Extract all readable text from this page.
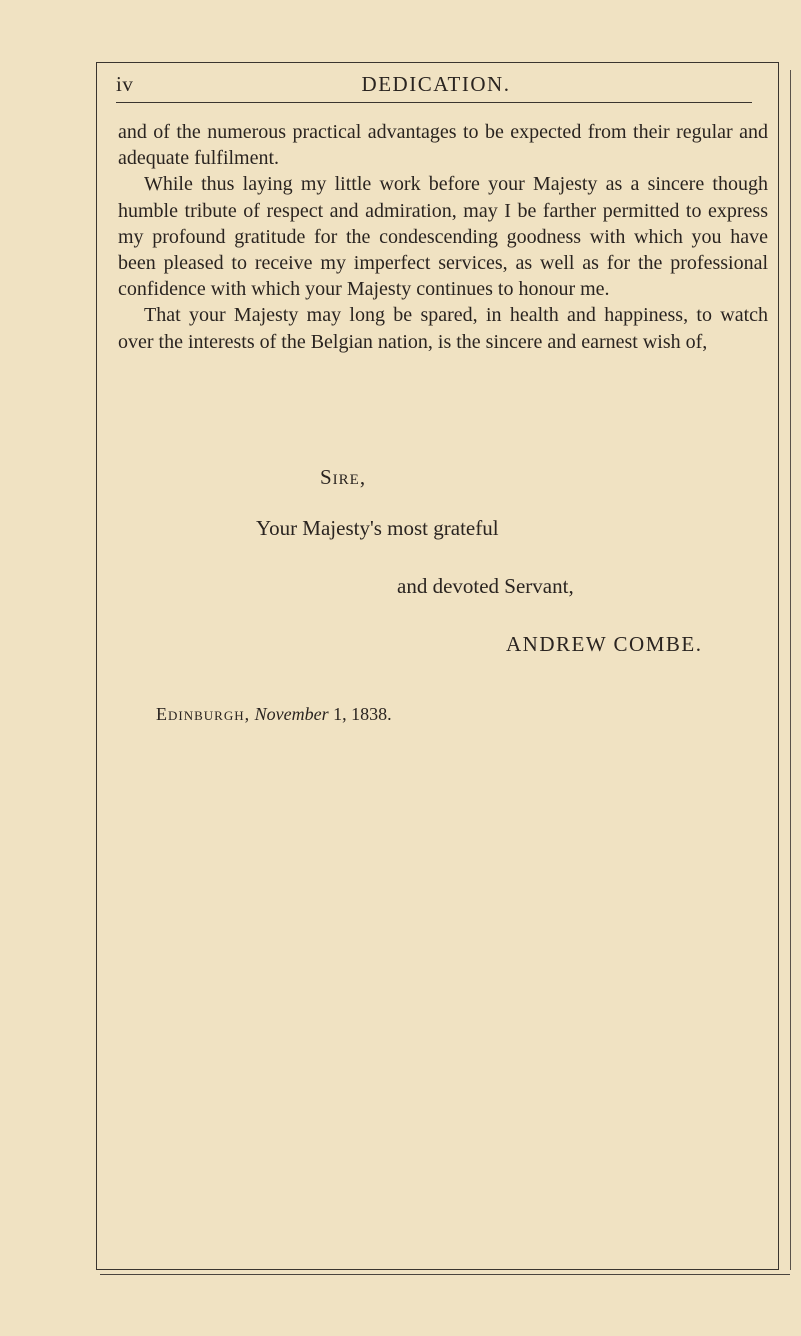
iv	DEDICATION.

and of the numerous practical advantages to be expected from their regular and adequate fulfilment.

While thus laying my little work before your Majesty as a sincere though humble tribute of respect and admiration, may I be farther permitted to express my profound gratitude for the condescending goodness with which you have been pleased to receive my imperfect services, as well as for the professional confidence with which your Majesty continues to honour me.

That your Majesty may long be spared, in health and happiness, to watch over the interests of the Belgian nation, is the sincere and earnest wish of,

Sire,
Your Majesty's most grateful
and devoted Servant,
ANDREW COMBE.
Edinburgh, November 1, 1838.
